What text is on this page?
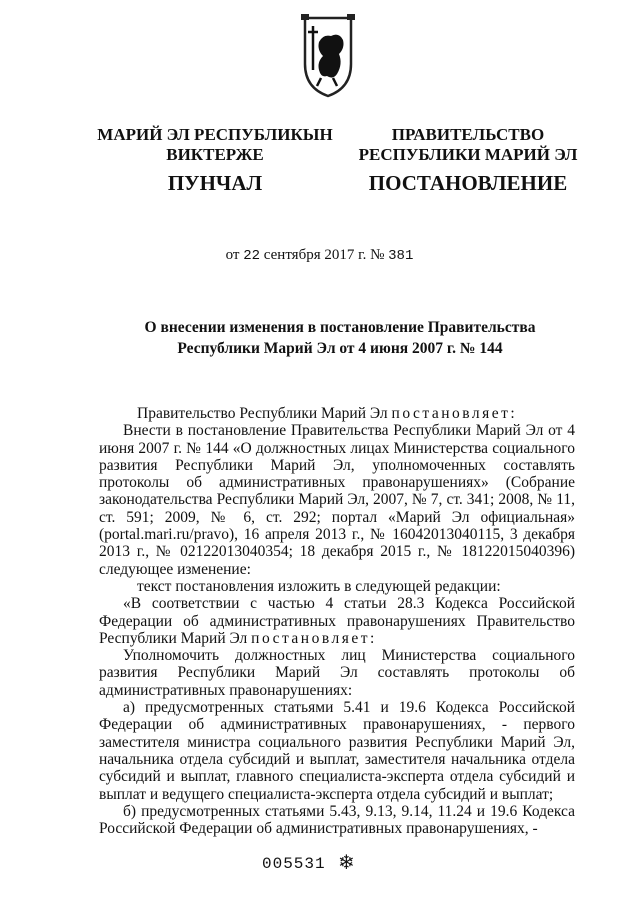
МАРИЙ ЭЛ РЕСПУБЛИКЫН
ВИКТЕРЖЕ
ПРАВИТЕЛЬСТВО
РЕСПУБЛИКИ МАРИЙ ЭЛ
ПУНЧАЛ	ПОСТАНОВЛЕНИЕ
от 22 сентября 2017 г. № 381
О внесении изменения в постановление Правительства
Республики Марий Эл от 4 июня 2007 г. № 144

Правительство Республики Марий Эл постановляет:

Внести в постановление Правительства Республики Марий Эл от 4 июня 2007 г. № 144 «О должностных лицах Министерства социального развития Республики Марий Эл, уполномоченных составлять протоколы об административных правонарушениях» (Собрание законодательства Республики Марий Эл, 2007, № 7, ст. 341; 2008, № 11, ст. 591; 2009, № 6, ст. 292; портал «Марий Эл официальная» (portal.mari.ru/pravo), 16 апреля 2013 г., № 16042013040115, 3 декабря 2013 г., № 02122013040354; 18 декабря 2015 г., № 18122015040396) следующее изменение:

текст постановления изложить в следующей редакции:

«В соответствии с частью 4 статьи 28.3 Кодекса Российской Федерации об административных правонарушениях Правительство Республики Марий Эл постановляет:

Уполномочить должностных лиц Министерства социального развития Республики Марий Эл составлять протоколы об административных правонарушениях:

а) предусмотренных статьями 5.41 и 19.6 Кодекса Российской Федерации об административных правонарушениях, - первого заместителя министра социального развития Республики Марий Эл, начальника отдела субсидий и выплат, заместителя начальника отдела субсидий и выплат, главного специалиста-эксперта отдела субсидий и выплат и ведущего специалиста-эксперта отдела субсидий и выплат;

б) предусмотренных статьями 5.43, 9.13, 9.14, 11.24 и 19.6 Кодекса Российской Федерации об административных правонарушениях, -

005531 ❄
